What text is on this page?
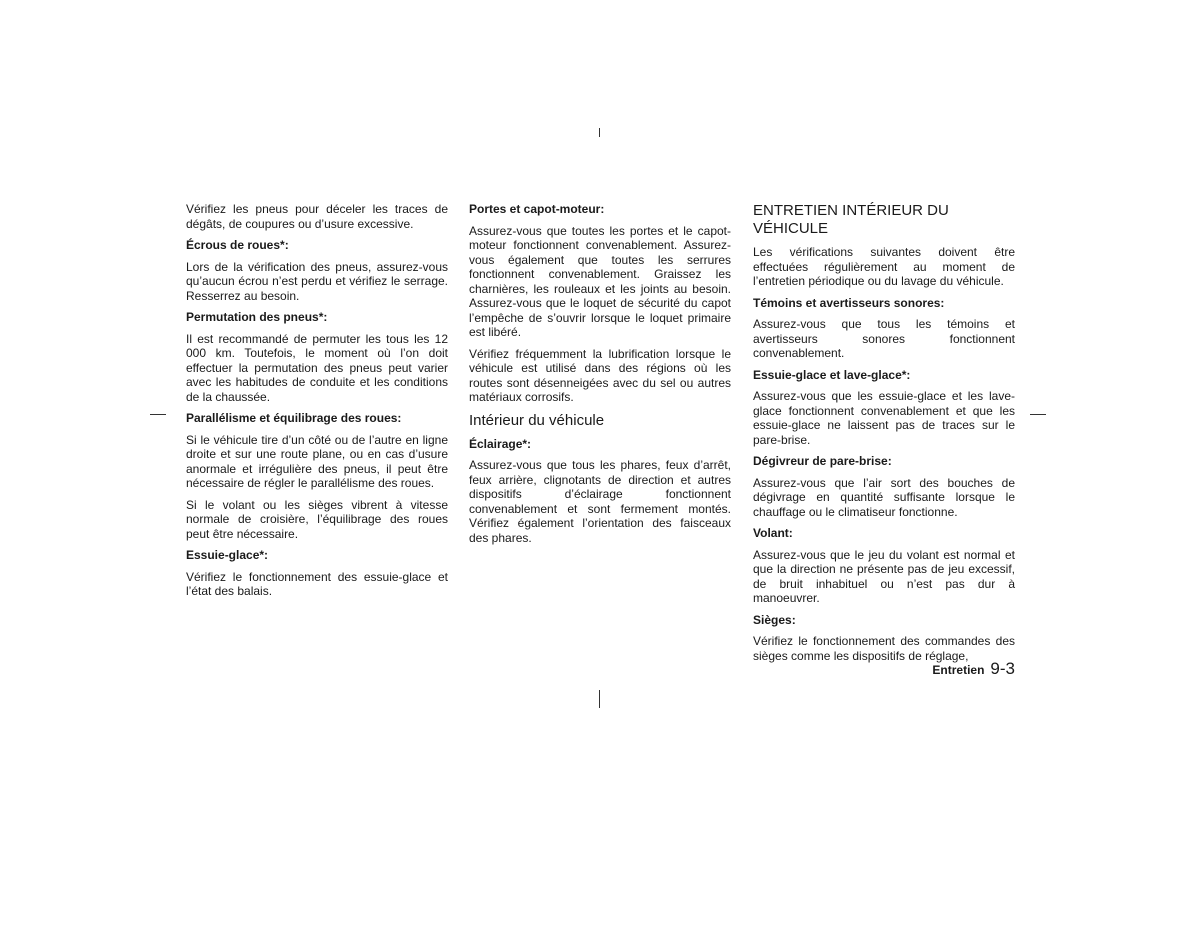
Vérifiez les pneus pour déceler les traces de dégâts, de coupures ou d’usure excessive.

Écrous de roues*:

Lors de la vérification des pneus, assurez-vous qu’aucun écrou n’est perdu et vérifiez le serrage. Resserrez au besoin.

Permutation des pneus*:

Il est recommandé de permuter les tous les 12 000 km. Toutefois, le moment où l’on doit effectuer la permutation des pneus peut varier avec les habitudes de conduite et les conditions de la chaussée.

Parallélisme et équilibrage des roues:

Si le véhicule tire d’un côté ou de l’autre en ligne droite et sur une route plane, ou en cas d’usure anormale et irrégulière des pneus, il peut être nécessaire de régler le parallélisme des roues.

Si le volant ou les sièges vibrent à vitesse normale de croisière, l’équilibrage des roues peut être nécessaire.

Essuie-glace*:

Vérifiez le fonctionnement des essuie-glace et l’état des balais.

Portes et capot-moteur:

Assurez-vous que toutes les portes et le capot-moteur fonctionnent convenablement. Assurez-vous également que toutes les serrures fonctionnent convenablement. Graissez les charnières, les rouleaux et les joints au besoin. Assurez-vous que le loquet de sécurité du capot l’empêche de s’ouvrir lorsque le loquet primaire est libéré.

Vérifiez fréquemment la lubrification lorsque le véhicule est utilisé dans des régions où les routes sont désenneigées avec du sel ou autres matériaux corrosifs.

Intérieur du véhicule
Éclairage*:

Assurez-vous que tous les phares, feux d’arrêt, feux arrière, clignotants de direction et autres dispositifs d’éclairage fonctionnent convenablement et sont fermement montés. Vérifiez également l’orientation des faisceaux des phares.

ENTRETIEN INTÉRIEUR DU VÉHICULE

Les vérifications suivantes doivent être effectuées régulièrement au moment de l’entretien périodique ou du lavage du véhicule.

Témoins et avertisseurs sonores:

Assurez-vous que tous les témoins et avertisseurs sonores fonctionnent convenablement.

Essuie-glace et lave-glace*:

Assurez-vous que les essuie-glace et les lave-glace fonctionnent convenablement et que les essuie-glace ne laissent pas de traces sur le pare-brise.

Dégivreur de pare-brise:

Assurez-vous que l’air sort des bouches de dégivrage en quantité suffisante lorsque le chauffage ou le climatiseur fonctionne.

Volant:

Assurez-vous que le jeu du volant est normal et que la direction ne présente pas de jeu excessif, de bruit inhabituel ou n’est pas dur à manoeuvrer.

Sièges:

Vérifiez le fonctionnement des commandes des sièges comme les dispositifs de réglage,

Entretien 9-3
